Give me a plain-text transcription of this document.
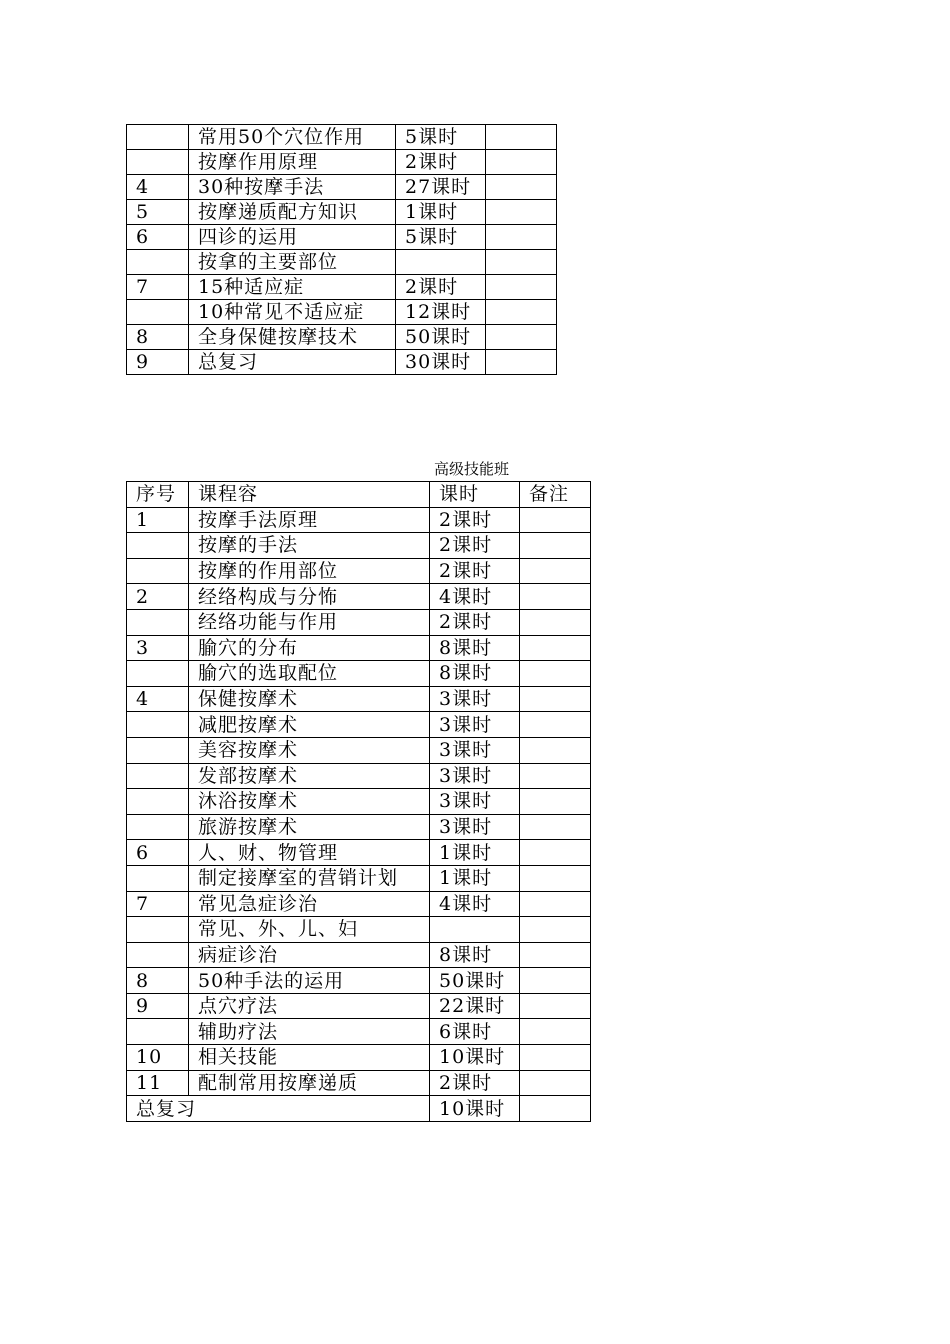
	常用50个穴位作用	5课时	
	按摩作用原理	2课时	
4	30种按摩手法	27课时	
5	按摩递质配方知识	1课时	
6	四诊的运用	5课时	
	按拿的主要部位		
7	15种适应症	2课时	
	10种常见不适应症	12课时	
8	全身保健按摩技术	50课时	
9	总复习	30课时	
高级技能班
序号	课程容	课时	备注
1	按摩手法原理	2课时	
	按摩的手法	2课时	
	按摩的作用部位	2课时	
2	经络构成与分怖	4课时	
	经络功能与作用	2课时	
3	腧穴的分布	8课时	
	腧穴的选取配位	8课时	
4	保健按摩术	3课时	
	减肥按摩术	3课时	
	美容按摩术	3课时	
	发部按摩术	3课时	
	沐浴按摩术	3课时	
	旅游按摩术	3课时	
6	人、财、物管理	1课时	
	制定接摩室的营销计划	1课时	
7	常见急症诊治	4课时	
	常见、外、儿、妇		
	病症诊治	8课时	
8	50种手法的运用	50课时	
9	点穴疗法	22课时	
	辅助疗法	6课时	
10	相关技能	10课时	
11	配制常用按摩递质	2课时	
总复习		10课时	
